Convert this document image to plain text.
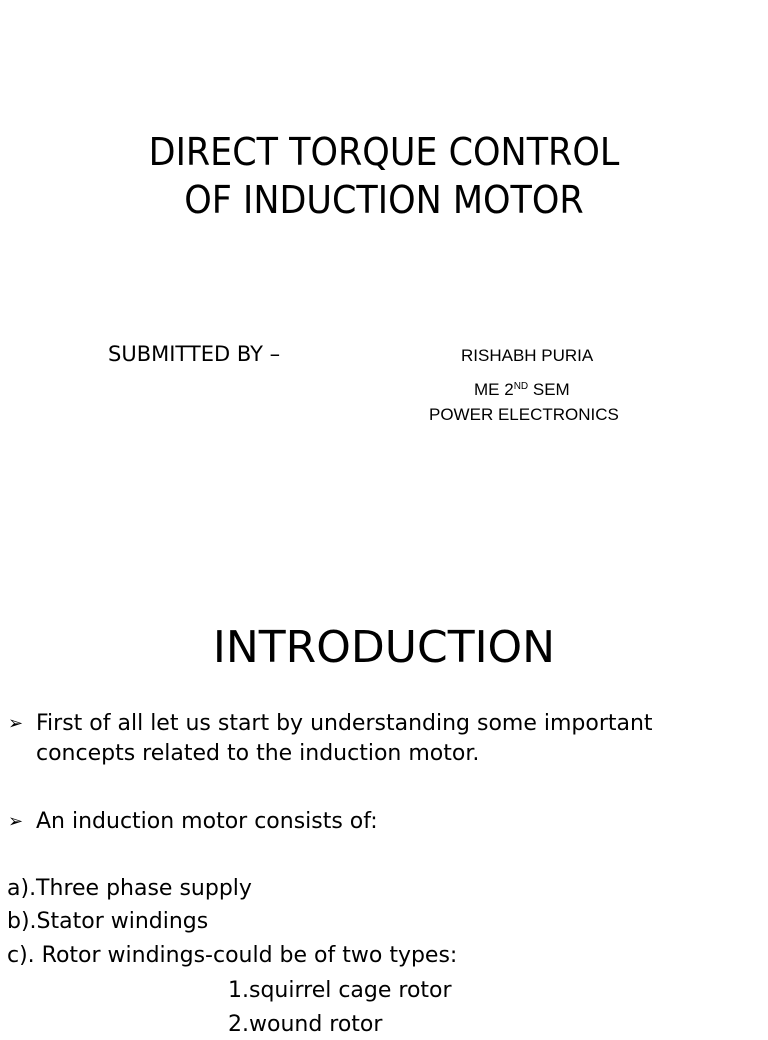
DIRECT TORQUE CONTROL
OF INDUCTION MOTOR
SUBMITTED BY –	RISHABH PURIA
ME 2ND SEM
POWER ELECTRONICS
INTRODUCTION
➢ First of all let us start by understanding some important
concepts related to the induction motor.
➢ An induction motor consists of:
a).Three phase supply
b).Stator windings
c). Rotor windings-could be of two types:
1.squirrel cage rotor
2.wound rotor
